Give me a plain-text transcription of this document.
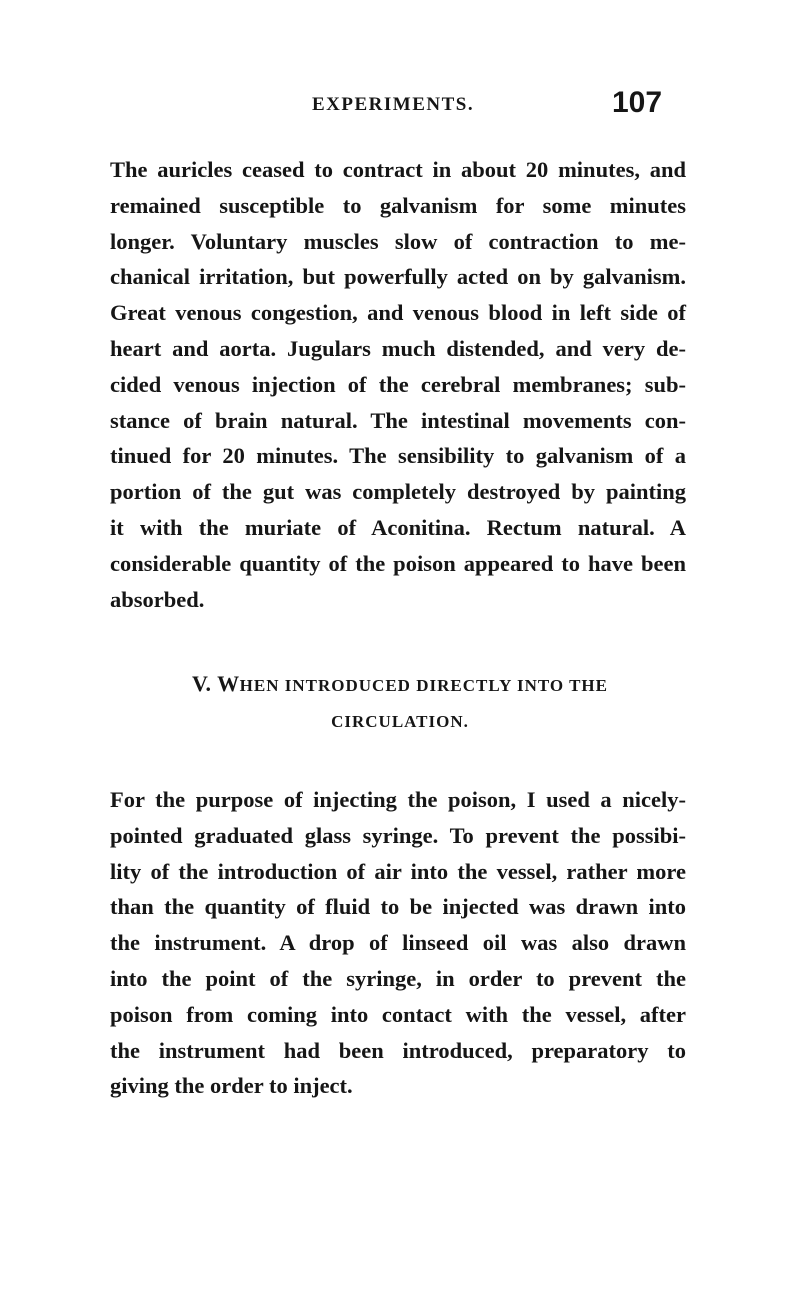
EXPERIMENTS.	107
The auricles ceased to contract in about 20 minutes, and
remained susceptible to galvanism for some minutes
longer. Voluntary muscles slow of contraction to me-
chanical irritation, but powerfully acted on by galvanism.
Great venous congestion, and venous blood in left side of
heart and aorta. Jugulars much distended, and very de-
cided venous injection of the cerebral membranes; sub-
stance of brain natural. The intestinal movements con-
tinued for 20 minutes. The sensibility to galvanism of a
portion of the gut was completely destroyed by painting
it with the muriate of Aconitina. Rectum natural. A
considerable quantity of the poison appeared to have been
absorbed.
V. WHEN INTRODUCED DIRECTLY INTO THE
CIRCULATION.
For the purpose of injecting the poison, I used a nicely-
pointed graduated glass syringe. To prevent the possibi-
lity of the introduction of air into the vessel, rather more
than the quantity of fluid to be injected was drawn into
the instrument. A drop of linseed oil was also drawn
into the point of the syringe, in order to prevent the
poison from coming into contact with the vessel, after
the instrument had been introduced, preparatory to
giving the order to inject.
